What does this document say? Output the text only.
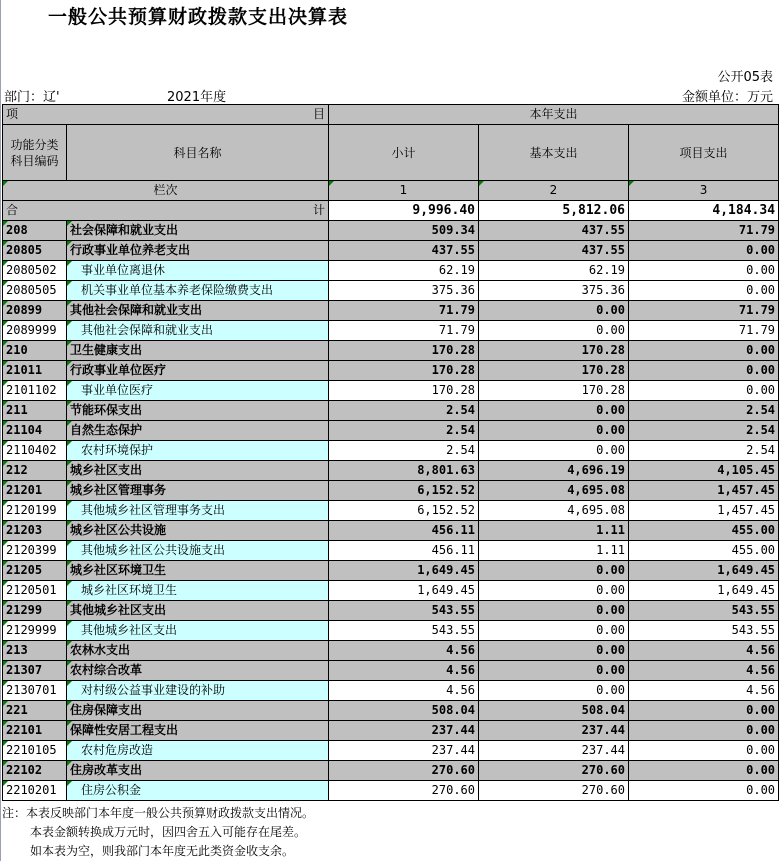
一般公共预算财政拨款支出决算表
公开05表
部门：辽'	2021年度	金额单位：万元
项 目		本年支出		

功能分类
科目编码	科目名称	小计	基本支出	项目支出
栏次		1	2	3
合 计		9,996.40	5,812.06	4,184.34
208	社会保障和就业支出	509.34	437.55	71.79
20805	行政事业单位养老支出	437.55	437.55	0.00
2080502	事业单位离退休	62.19	62.19	0.00
2080505	机关事业单位基本养老保险缴费支出	375.36	375.36	0.00
20899	其他社会保障和就业支出	71.79	0.00	71.79
2089999	其他社会保障和就业支出	71.79	0.00	71.79
210	卫生健康支出	170.28	170.28	0.00
21011	行政事业单位医疗	170.28	170.28	0.00
2101102	事业单位医疗	170.28	170.28	0.00
211	节能环保支出	2.54	0.00	2.54
21104	自然生态保护	2.54	0.00	2.54
2110402	农村环境保护	2.54	0.00	2.54
212	城乡社区支出	8,801.63	4,696.19	4,105.45
21201	城乡社区管理事务	6,152.52	4,695.08	1,457.45
2120199	其他城乡社区管理事务支出	6,152.52	4,695.08	1,457.45
21203	城乡社区公共设施	456.11	1.11	455.00
2120399	其他城乡社区公共设施支出	456.11	1.11	455.00
21205	城乡社区环境卫生	1,649.45	0.00	1,649.45
2120501	城乡社区环境卫生	1,649.45	0.00	1,649.45
21299	其他城乡社区支出	543.55	0.00	543.55
2129999	其他城乡社区支出	543.55	0.00	543.55
213	农林水支出	4.56	0.00	4.56
21307	农村综合改革	4.56	0.00	4.56
2130701	对村级公益事业建设的补助	4.56	0.00	4.56
221	住房保障支出	508.04	508.04	0.00
22101	保障性安居工程支出	237.44	237.44	0.00
2210105	农村危房改造	237.44	237.44	0.00
22102	住房改革支出	270.60	270.60	0.00
2210201	住房公积金	270.60	270.60	0.00
注：本表反映部门本年度一般公共预算财政拨款支出情况。
本表金额转换成万元时，因四舍五入可能存在尾差。
如本表为空，则我部门本年度无此类资金收支余。
